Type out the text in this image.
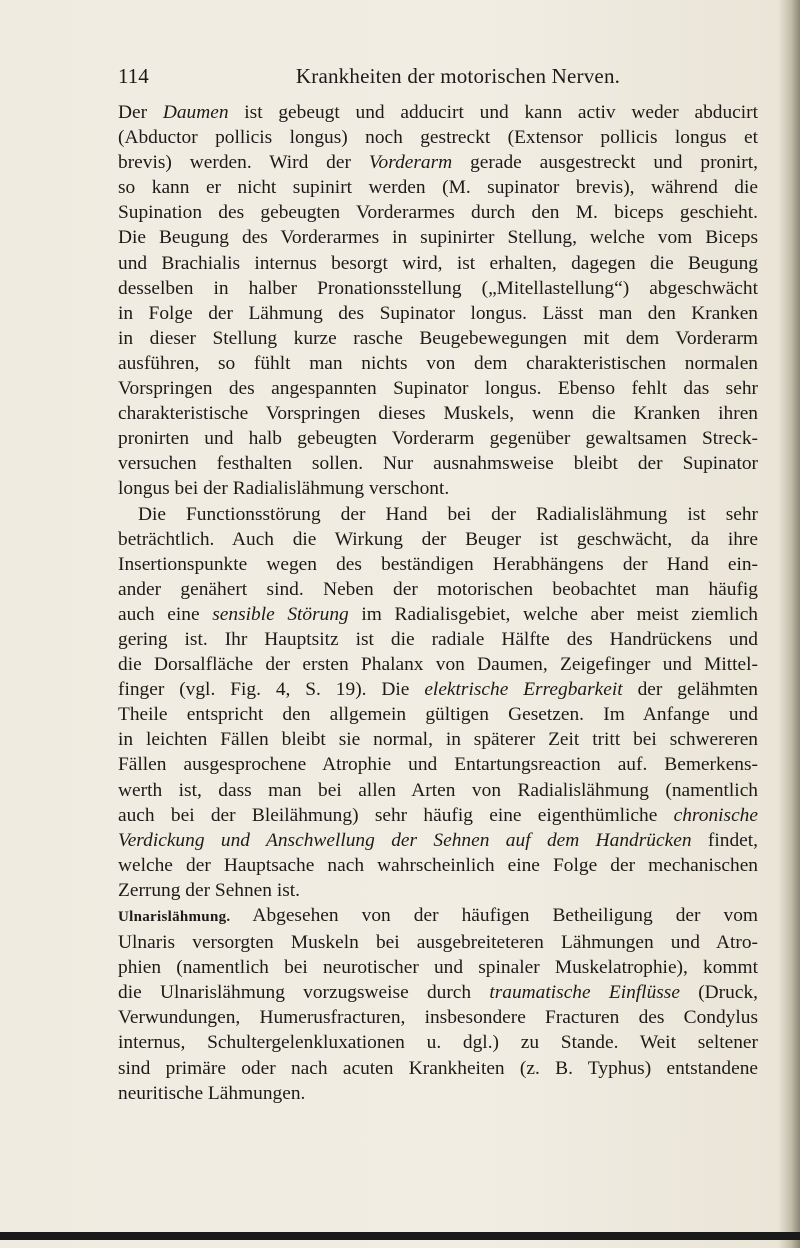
114	Krankheiten der motorischen Nerven.
Der Daumen ist gebeugt und adducirt und kann activ weder abducirt
(Abductor pollicis longus) noch gestreckt (Extensor pollicis longus et
brevis) werden. Wird der Vorderarm gerade ausgestreckt und pronirt,
so kann er nicht supinirt werden (M. supinator brevis), während die
Supination des gebeugten Vorderarmes durch den M. biceps geschieht.
Die Beugung des Vorderarmes in supinirter Stellung, welche vom Biceps
und Brachialis internus besorgt wird, ist erhalten, dagegen die Beugung
desselben in halber Pronationsstellung („Mitellastellung“) abgeschwächt
in Folge der Lähmung des Supinator longus. Lässt man den Kranken
in dieser Stellung kurze rasche Beugebewegungen mit dem Vorderarm
ausführen, so fühlt man nichts von dem charakteristischen normalen
Vorspringen des angespannten Supinator longus. Ebenso fehlt das sehr
charakteristische Vorspringen dieses Muskels, wenn die Kranken ihren
pronirten und halb gebeugten Vorderarm gegenüber gewaltsamen Streck-
versuchen festhalten sollen. Nur ausnahmsweise bleibt der Supinator
longus bei der Radialislähmung verschont.
Die Functionsstörung der Hand bei der Radialislähmung ist sehr
beträchtlich. Auch die Wirkung der Beuger ist geschwächt, da ihre
Insertionspunkte wegen des beständigen Herabhängens der Hand ein-
ander genähert sind. Neben der motorischen beobachtet man häufig
auch eine sensible Störung im Radialisgebiet, welche aber meist ziemlich
gering ist. Ihr Hauptsitz ist die radiale Hälfte des Handrückens und
die Dorsalfläche der ersten Phalanx von Daumen, Zeigefinger und Mittel-
finger (vgl. Fig. 4, S. 19). Die elektrische Erregbarkeit der gelähmten
Theile entspricht den allgemein gültigen Gesetzen. Im Anfange und
in leichten Fällen bleibt sie normal, in späterer Zeit tritt bei schwereren
Fällen ausgesprochene Atrophie und Entartungsreaction auf. Bemerkens-
werth ist, dass man bei allen Arten von Radialislähmung (namentlich
auch bei der Bleilähmung) sehr häufig eine eigenthümliche chronische
Verdickung und Anschwellung der Sehnen auf dem Handrücken findet,
welche der Hauptsache nach wahrscheinlich eine Folge der mechanischen
Zerrung der Sehnen ist.
Ulnarislähmung. Abgesehen von der häufigen Betheiligung der vom
Ulnaris versorgten Muskeln bei ausgebreiteteren Lähmungen und Atro-
phien (namentlich bei neurotischer und spinaler Muskelatrophie), kommt
die Ulnarislähmung vorzugsweise durch traumatische Einflüsse (Druck,
Verwundungen, Humerusfracturen, insbesondere Fracturen des Condylus
internus, Schultergelenkluxationen u. dgl.) zu Stande. Weit seltener
sind primäre oder nach acuten Krankheiten (z. B. Typhus) entstandene
neuritische Lähmungen.
